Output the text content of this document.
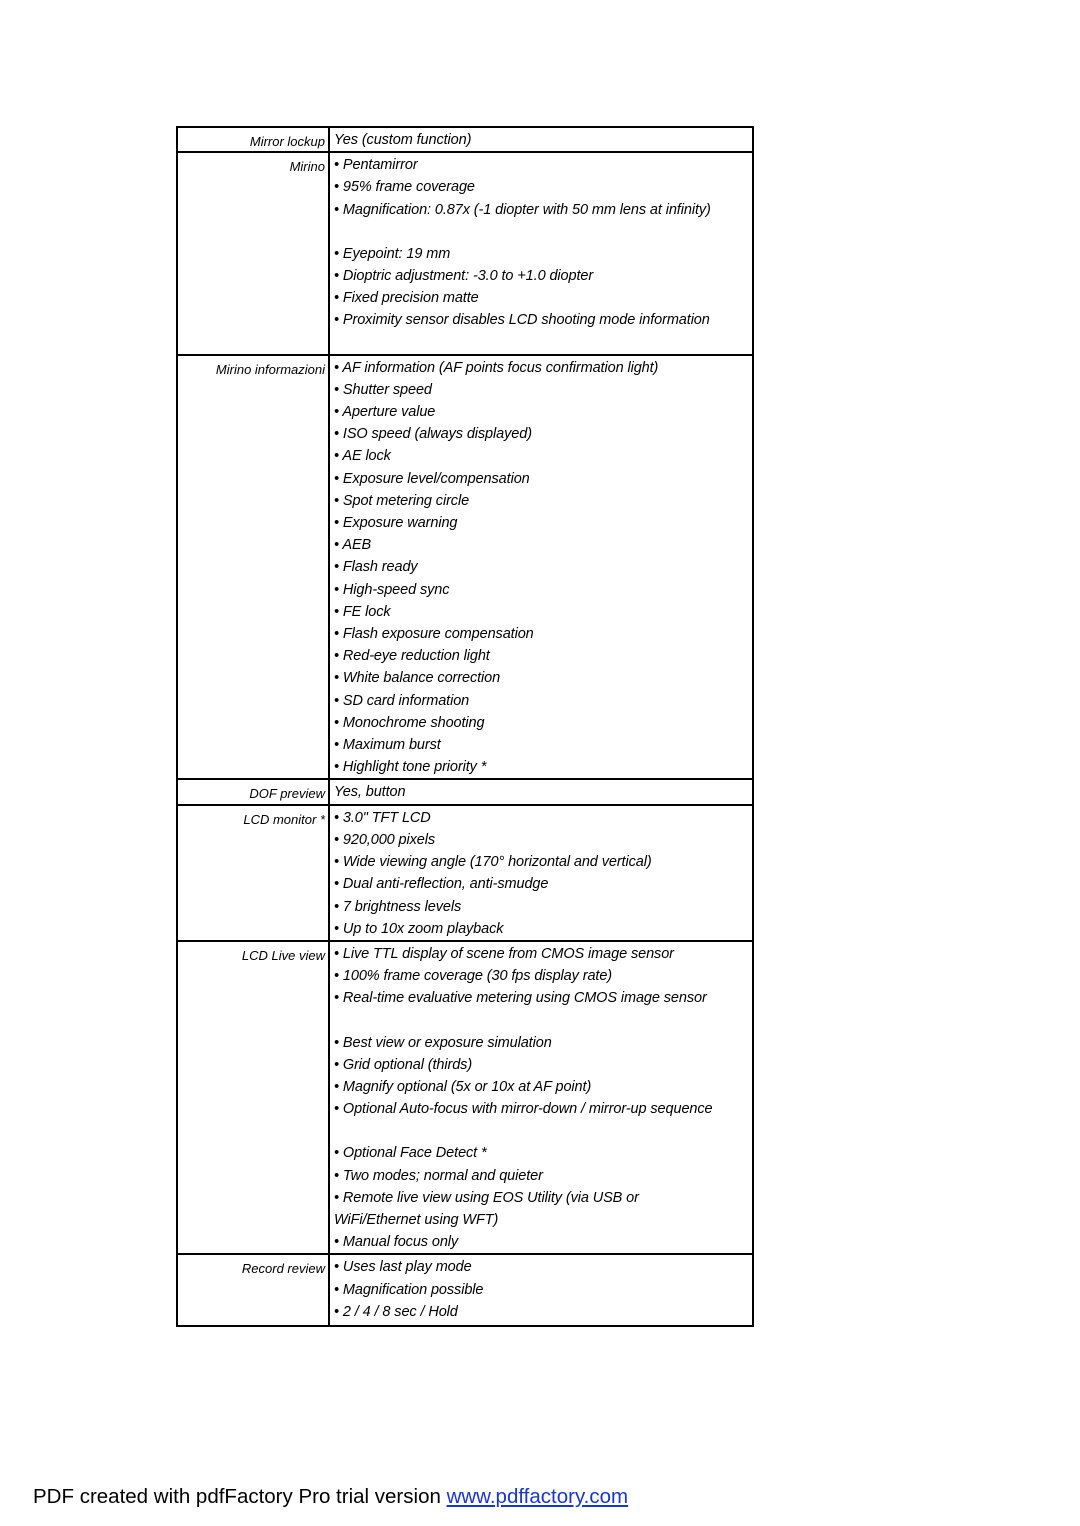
Mirror lockup Yes (custom function)
Mirino • Pentamirror
• 95% frame coverage
• Magnification: 0.87x (-1 diopter with 50 mm lens at infinity)
• Eyepoint: 19 mm
• Dioptric adjustment: -3.0 to +1.0 diopter
• Fixed precision matte
• Proximity sensor disables LCD shooting mode information
Mirino informazioni • AF information (AF points focus confirmation light)
• Shutter speed
• Aperture value
• ISO speed (always displayed)
• AE lock
• Exposure level/compensation
• Spot metering circle
• Exposure warning
• AEB
• Flash ready
• High-speed sync
• FE lock
• Flash exposure compensation
• Red-eye reduction light
• White balance correction
• SD card information
• Monochrome shooting
• Maximum burst
• Highlight tone priority *
DOF preview Yes, button
LCD monitor * • 3.0" TFT LCD
• 920,000 pixels
• Wide viewing angle (170° horizontal and vertical)
• Dual anti-reflection, anti-smudge
• 7 brightness levels
• Up to 10x zoom playback
LCD Live view • Live TTL display of scene from CMOS image sensor
• 100% frame coverage (30 fps display rate)
• Real-time evaluative metering using CMOS image sensor
• Best view or exposure simulation
• Grid optional (thirds)
• Magnify optional (5x or 10x at AF point)
• Optional Auto-focus with mirror-down / mirror-up sequence
• Optional Face Detect *
• Two modes; normal and quieter
• Remote live view using EOS Utility (via USB or WiFi/Ethernet using WFT)
• Manual focus only
Record review • Uses last play mode
• Magnification possible
• 2 / 4 / 8 sec / Hold
PDF created with pdfFactory Pro trial version www.pdffactory.com
